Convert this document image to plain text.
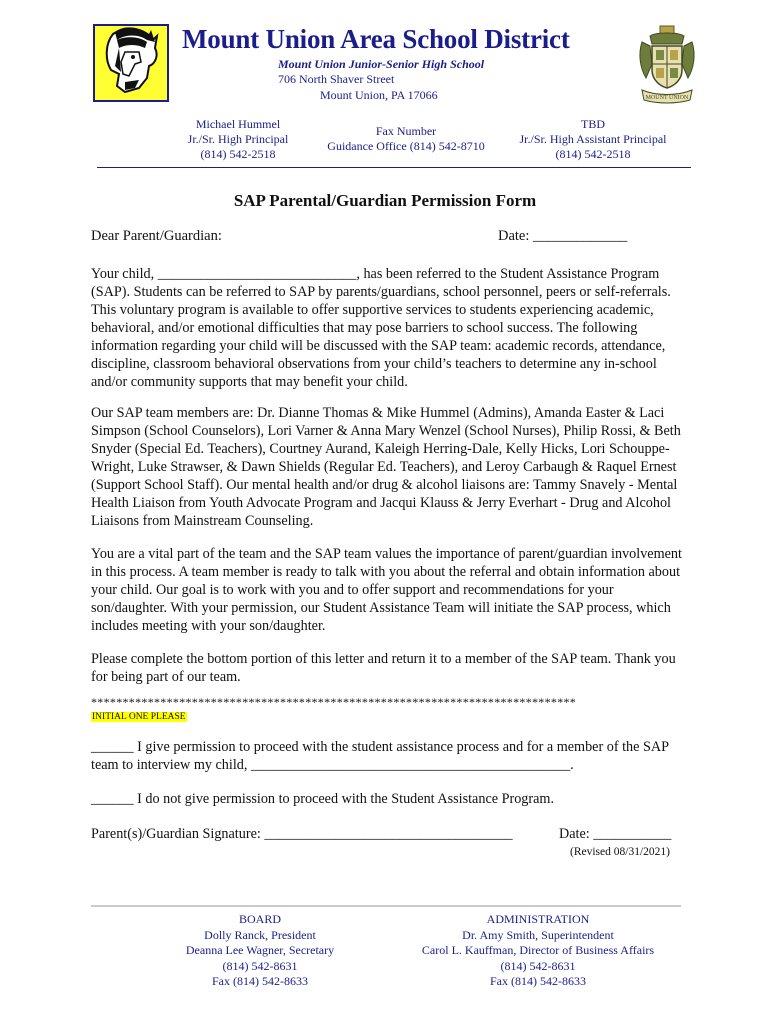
MOUNT UNION
Mount Union Area School District
Mount Union Junior-Senior High School
706 North Shaver Street
Mount Union, PA 17066
Michael Hummel
Jr./Sr. High Principal
(814) 542-2518
Fax Number
Guidance Office (814) 542-8710
TBD
Jr./Sr. High Assistant Principal
(814) 542-2518
SAP Parental/Guardian Permission Form
Dear Parent/Guardian:	Date: _____________
Your child, ____________________________, has been referred to the Student Assistance Program (SAP). Students can be referred to SAP by parents/guardians, school personnel, peers or self-referrals. This voluntary program is available to offer supportive services to students experiencing academic, behavioral, and/or emotional difficulties that may pose barriers to school success. The following information regarding your child will be discussed with the SAP team: academic records, attendance, discipline, classroom behavioral observations from your child’s teachers to determine any in-school and/or community supports that may benefit your child.
Our SAP team members are: Dr. Dianne Thomas & Mike Hummel (Admins), Amanda Easter & Laci Simpson (School Counselors), Lori Varner & Anna Mary Wenzel (School Nurses), Philip Rossi, & Beth Snyder (Special Ed. Teachers), Courtney Aurand, Kaleigh Herring-Dale, Kelly Hicks, Lori Schouppe-Wright, Luke Strawser, & Dawn Shields (Regular Ed. Teachers), and Leroy Carbaugh & Raquel Ernest (Support School Staff). Our mental health and/or drug & alcohol liaisons are: Tammy Snavely - Mental Health Liaison from Youth Advocate Program and Jacqui Klauss & Jerry Everhart - Drug and Alcohol Liaisons from Mainstream Counseling.
You are a vital part of the team and the SAP team values the importance of parent/guardian involvement in this process. A team member is ready to talk with you about the referral and obtain information about your child. Our goal is to work with you and to offer support and recommendations for your son/daughter. With your permission, our Student Assistance Team will initiate the SAP process, which includes meeting with your son/daughter.
Please complete the bottom portion of this letter and return it to a member of the SAP team. Thank you for being part of our team.
*****************************************************************************
INITIAL ONE PLEASE
______ I give permission to proceed with the student assistance process and for a member of the SAP team to interview my child, _____________________________________________.
______ I do not give permission to proceed with the Student Assistance Program.
Parent(s)/Guardian Signature: ___________________________________	Date: ___________
(Revised 08/31/2021)
BOARD
Dolly Ranck, President
Deanna Lee Wagner, Secretary
(814) 542-8631
Fax (814) 542-8633
ADMINISTRATION
Dr. Amy Smith, Superintendent
Carol L. Kauffman, Director of Business Affairs
(814) 542-8631
Fax (814) 542-8633
